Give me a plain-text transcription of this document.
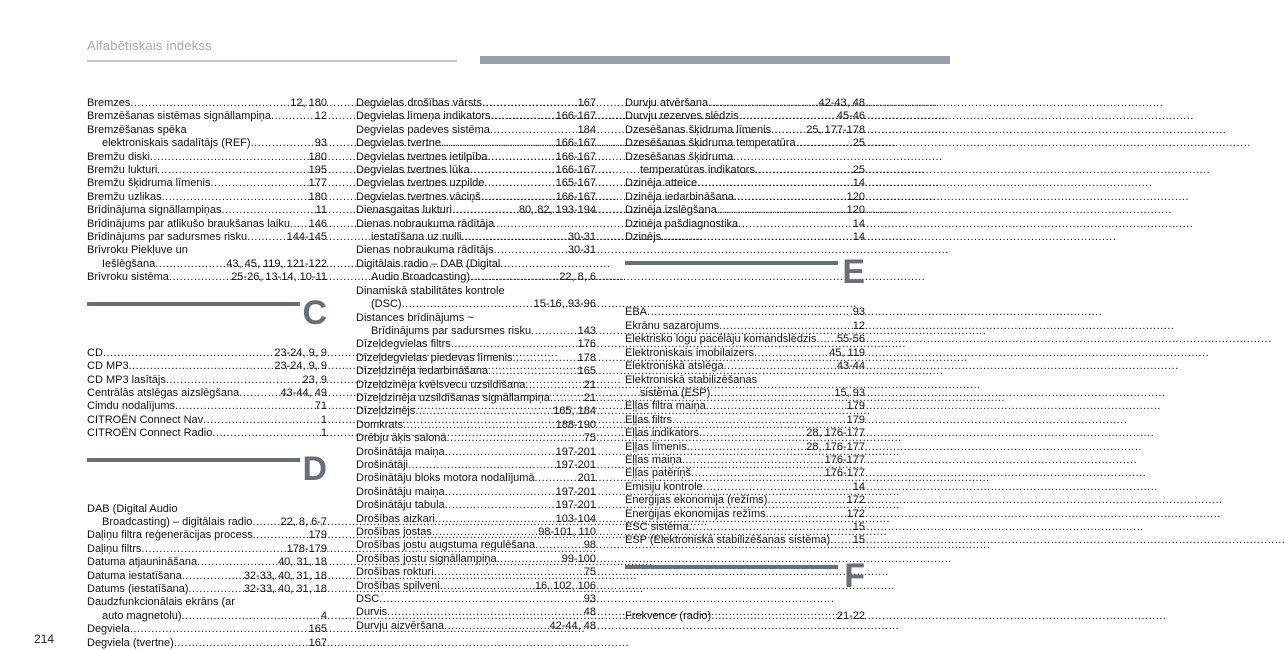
Alfabētiskais indekss
Bremzes .....	12, 180
Bremzēšanas sistēmas signāllampiņa .....	12
Bremzēšanas spēka
elektroniskais sadalītājs (REF) .....	93
Bremžu diski .....	180
Bremžu lukturi .....	195
Bremžu šķidruma līmenis .....	177
Bremžu uzlikas .....	180
Brīdinājuma signāllampiņas .....	11
Brīdinājums par atlikušo braukšanas laiku ..... 146
Brīdinājums par sadursmes risku .....	144-145
Brīvroku Piekļuve un
Iešlēgšana .....	43, 45, 119, 121-122
Brīvroku sistēma .....	25-26, 13-14, 10-11
C
CD .....	23-24, 9, 9
CD MP3 .....	23-24, 9, 9
CD MP3 lasītājs .....	23, 9
Centrālās atslēgas aizslēgšana .....	43-44, 49
Cimdu nodalījums .....	71
CITROËN Connect Nav .....	1
CITROËN Connect Radio .....	1
D
DAB (Digital Audio
Broadcasting) – digitālais radio .....	22, 8, 6-7
Daļiņu filtra reģenerācijas process .....	179
Daļiņu filtrs .....	178-179
Datuma atjaunināšana .....	40, 31, 18
Datuma iestatīšana .....	32-33, 40, 31, 18
Datums (iestatīšana) .....	32-33, 40, 31, 18
Daudzfunkcionālais ekrāns (ar
auto magnetolu) .....	4
Degviela .....	165
Degviela (tvertne) .....	167
Degvielas drošības vārsts .....	167
Degvielas līmeņa indikators .....	166-167
Degvielas padeves sistēma .....	184
Degvielas tvertne .....	166-167
Degvielas tvertnes ietilpība .....	166-167
Degvielas tvertnes lūka .....	166-167
Degvielas tvertnes uzpilde .....	165-167
Degvielas tvertnes vāciņš .....	166-167
Dienasgaitas lukturi .....	80, 82, 193-194
Dienas nobraukuma rādītāja
iestatīšana uz nulli .....	30-31
Dienas nobraukuma rādītājs .....	30-31
Digitālais radio – DAB (Digital
Audio Broadcasting) .....	22, 8, 6
Dinamiskā stabilitātes kontrole
(DSC) .....	15-16, 93-96
Distances brīdinājums ~
Brīdinājums par sadursmes risku .....	143
Dīzeļdegvielas filtrs .....	176
Dīzeļdegvielas piedevas līmenis .....	178
Dīzeļdzinēja iedarbināšana .....	165
Dīzeļdzinēja kvēlsvecu uzsildīšana .....	21
Dīzeļdzinēja uzsildīšanas signāllampiņa .....	21
Dīzeļdzinējs .....	165, 184
Domkrats .....	188-190
Drēbju āķis salonā .....	75
Drošinātāja maiņa .....	197-201
Drošinātāji .....	197-201
Drošinātāju bloks motora nodalījumā .....	201
Drošinātāju maiņa .....	197-201
Drošinātāju tabula .....	197-201
Drošības aizkari .....	103-104
Drošības jostas .....	98-101, 110
Drošības jostu augstuma regulēšana .....	98
Drošības jostu signāllampiņa .....	99-100
Drošības rokturi .....	75
Drošības spilveni .....	16, 102, 106
DSC .....	93
Durvis .....	48
Durvju aizvēršana .....	42-44, 48
Durvju atvēršana .....	42-43, 48
Durvju rezerves slēdzis .....	45-46
Dzesēšanas šķidruma līmenis .....	25, 177-178
Dzesēšanas šķidruma temperatūra .....	25
Dzesēšanas šķidruma
temperatūras indikators .....	25
Dzinēja atteice .....	14
Dzinēja iedarbināšana .....	120
Dzinēja izslēgšana .....	120
Dzinēja pašdiagnostika .....	14
Dzinējs .....	14
E
EBA .....	93
Ekrānu sazarojums .....	12
Elektrisko logu pacēlāju komandslēdzis ..... 55-56
Elektroniskais imobilaizers .....	45, 119
Elektroniskā atslēga .....	43-44
Elektroniskā stabilizēšanas
sistēma (ESP) .....	15, 93
Eļļas filtra maiņa .....	179
Eļļas filtrs .....	179
Eļļas indikators .....	28, 176-177
Eļļas līmenis .....	28, 176-177
Eļļas maiņa .....	176-177
Eļļas patēriņš .....	176-177
Emisiju kontrole .....	14
Enerģijas ekonomija (režīms) .....	172
Enerģijas ekonomijas režīms .....	172
ESC sistēma .....	15
ESP (Elektroniskā stabilizēšanas sistēma) ..... 15
F
Frekvence (radio) .....	21-22
214
